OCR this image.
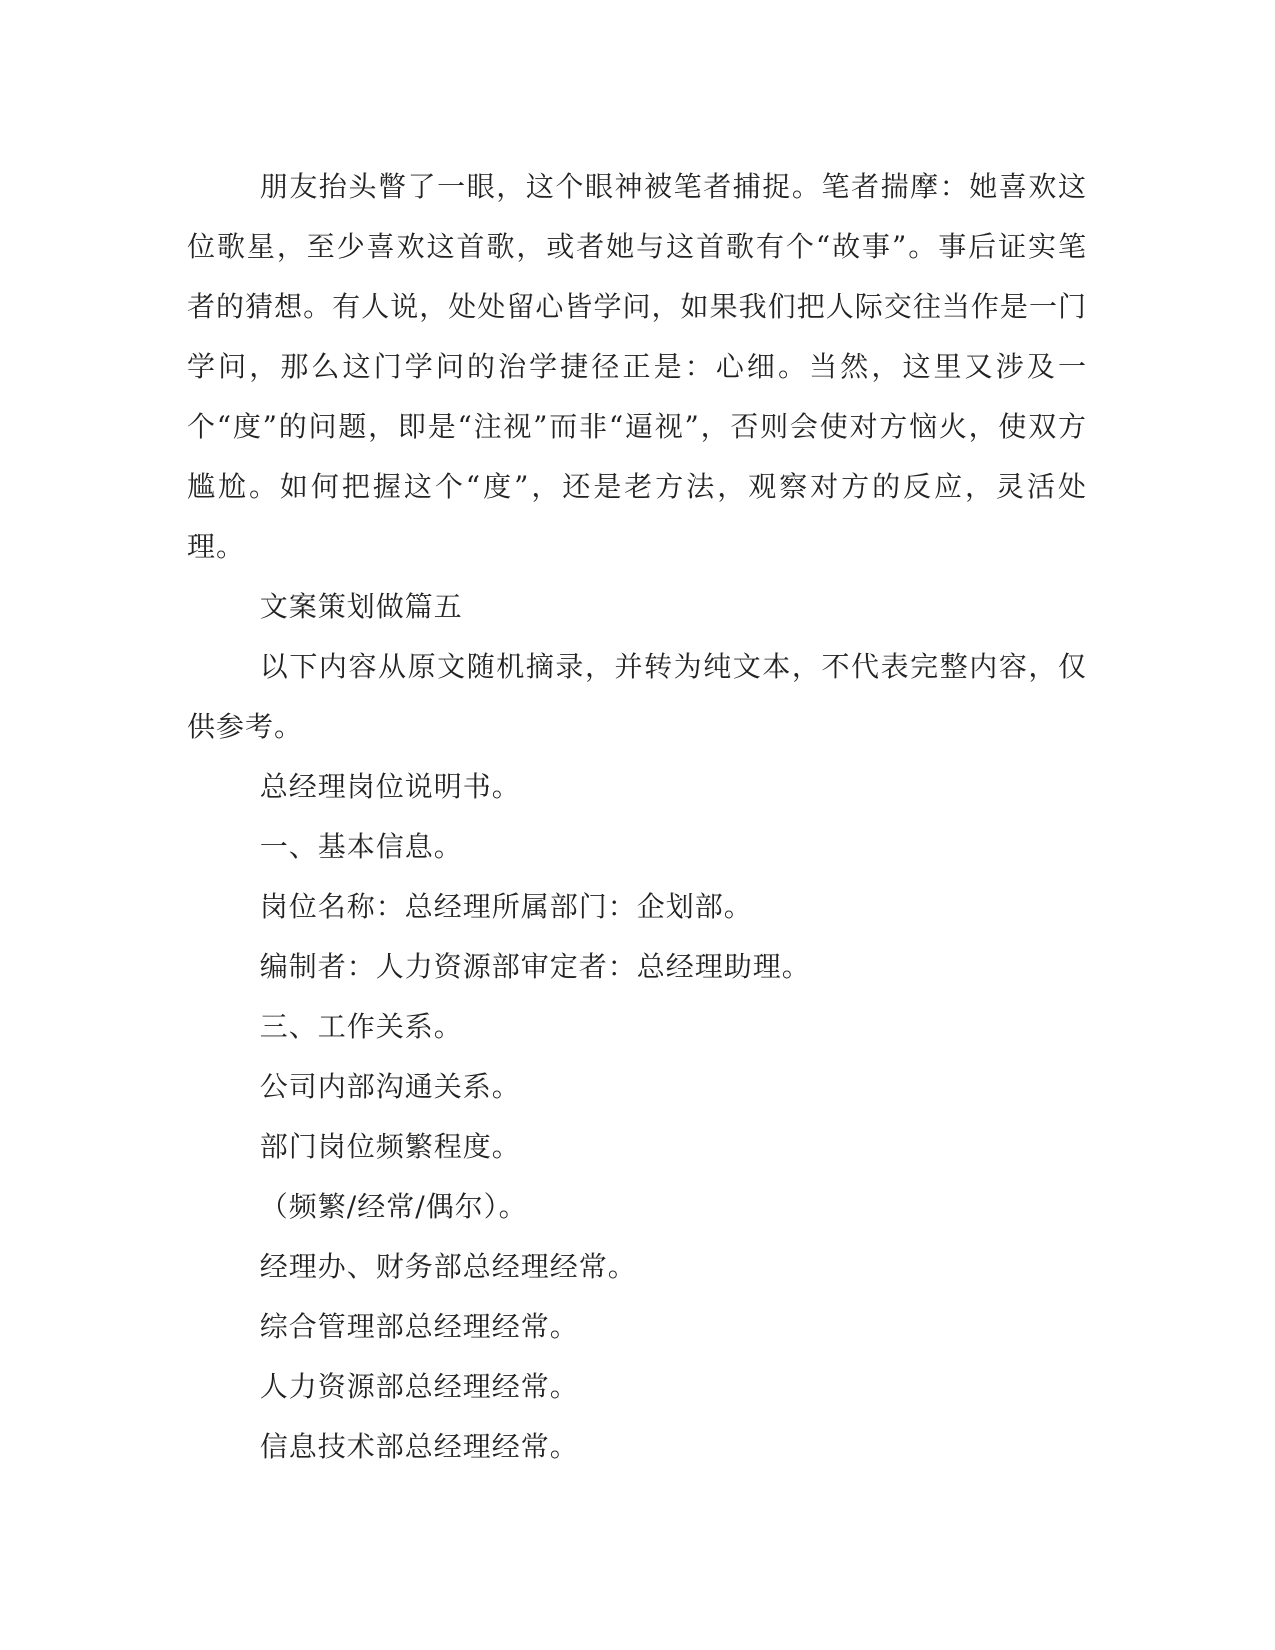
朋友抬头瞥了一眼，这个眼神被笔者捕捉。笔者揣摩：她喜欢这位歌星，至少喜欢这首歌，或者她与这首歌有个“故事”。事后证实笔者的猜想。有人说，处处留心皆学问，如果我们把人际交往当作是一门学问，那么这门学问的治学捷径正是：心细。当然，这里又涉及一个“度”的问题，即是“注视”而非“逼视”，否则会使对方恼火，使双方尴尬。如何把握这个“度”，还是老方法，观察对方的反应，灵活处理。

文案策划做篇五

以下内容从原文随机摘录，并转为纯文本，不代表完整内容，仅供参考。

总经理岗位说明书。

一、基本信息。

岗位名称：总经理所属部门：企划部。

编制者：人力资源部审定者：总经理助理。

三、工作关系。

公司内部沟通关系。

部门岗位频繁程度。

（频繁/经常/偶尔）。

经理办、财务部总经理经常。

综合管理部总经理经常。

人力资源部总经理经常。

信息技术部总经理经常。
